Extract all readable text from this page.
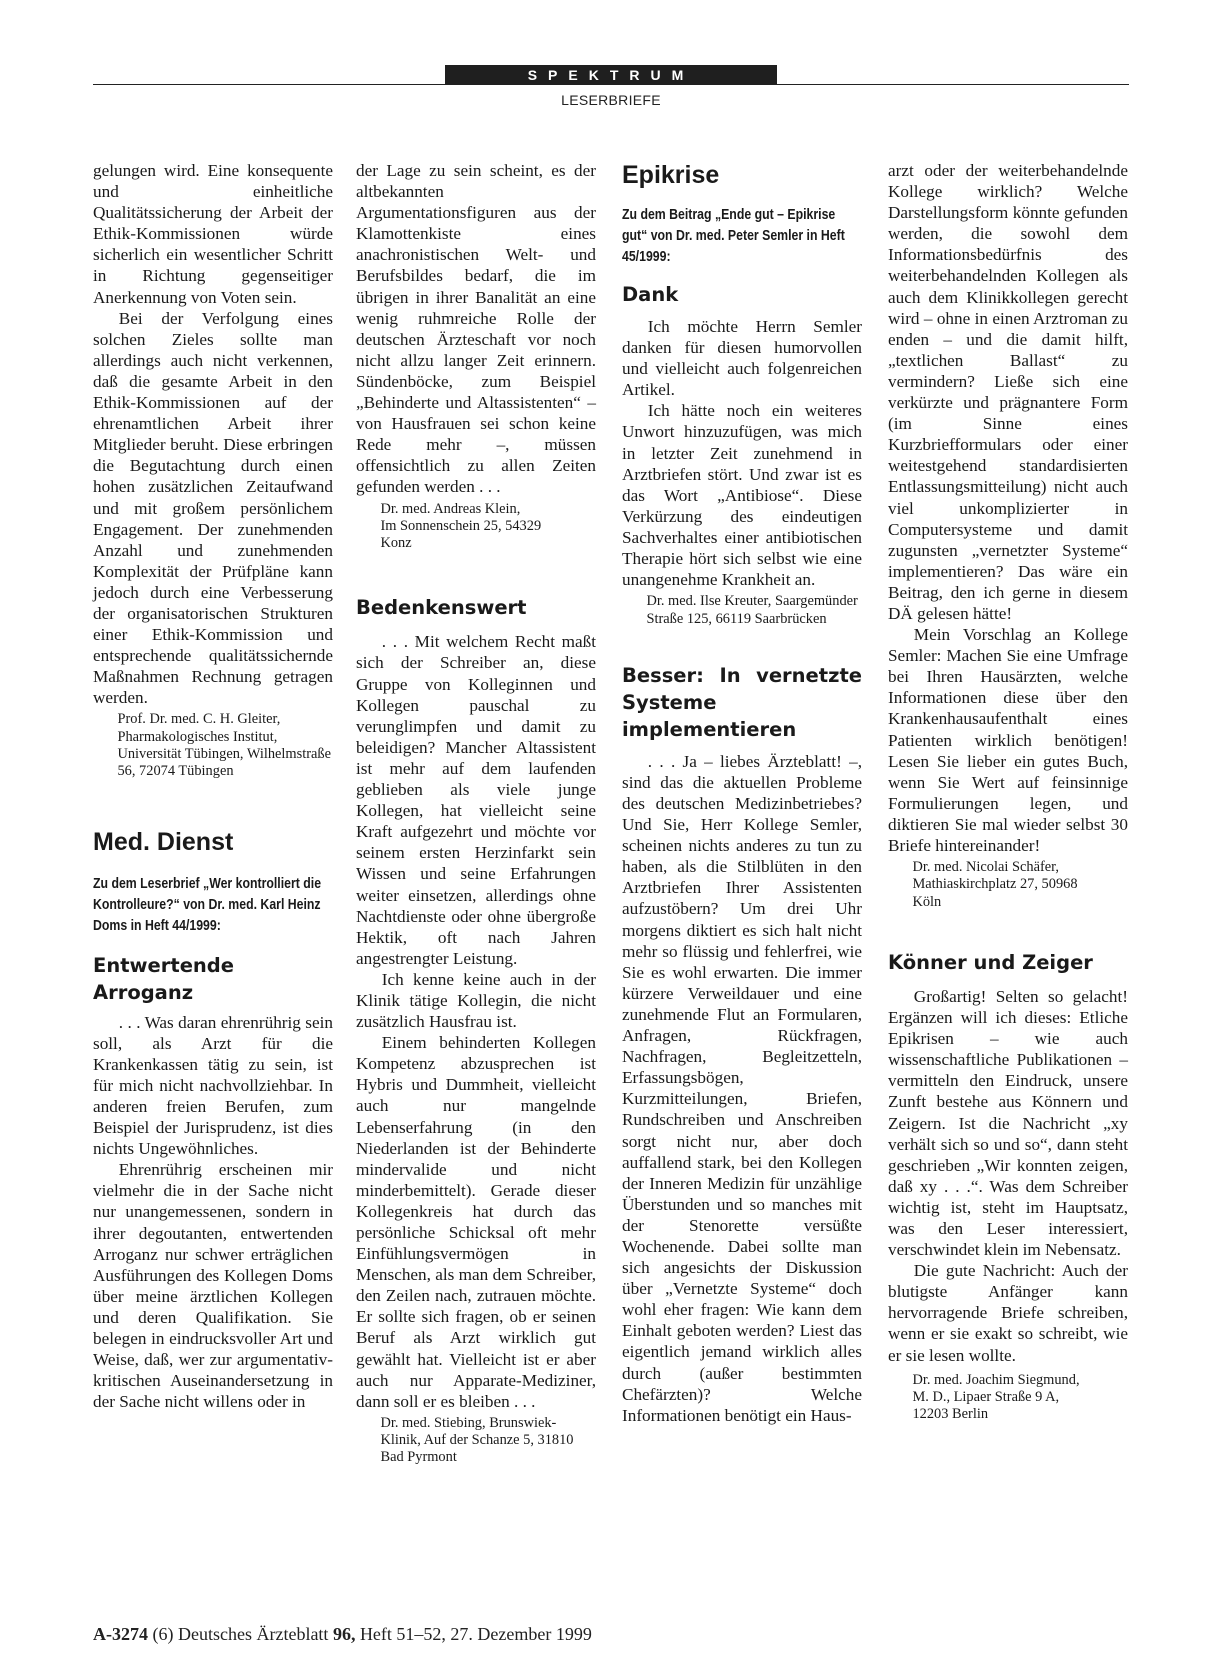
SPEKTRUM
LESERBRIEFE

gelungen wird. Eine konsequente und einheitliche Qualitätssicherung der Arbeit der Ethik-Kommissionen würde sicherlich ein wesentlicher Schritt in Richtung gegenseitiger Anerkennung von Voten sein.

Bei der Verfolgung eines solchen Zieles sollte man allerdings auch nicht verkennen, daß die gesamte Arbeit in den Ethik-Kommissionen auf der ehrenamtlichen Arbeit ihrer Mitglieder beruht. Diese erbringen die Begutachtung durch einen hohen zusätzlichen Zeitaufwand und mit großem persönlichem Engagement. Der zunehmenden Anzahl und zunehmenden Komplexität der Prüfpläne kann jedoch durch eine Verbesserung der organisatorischen Strukturen einer Ethik-Kommission und entsprechende qualitätssichernde Maßnahmen Rechnung getragen werden.

Prof. Dr. med. C. H. Gleiter,
Pharmakologisches Institut,
Universität Tübingen, Wilhelmstraße 56, 72074 Tübingen
Med. Dienst

Zu dem Leserbrief „Wer kontrolliert die Kontrolleure?“ von Dr. med. Karl Heinz Doms in Heft 44/1999:

Entwertende Arroganz

. . . Was daran ehrenrührig sein soll, als Arzt für die Krankenkassen tätig zu sein, ist für mich nicht nachvollziehbar. In anderen freien Berufen, zum Beispiel der Jurisprudenz, ist dies nichts Ungewöhnliches.

Ehrenrührig erscheinen mir vielmehr die in der Sache nicht nur unangemessenen, sondern in ihrer degoutanten, entwertenden Arroganz nur schwer erträglichen Ausführungen des Kollegen Doms über meine ärztlichen Kollegen und deren Qualifikation. Sie belegen in eindrucksvoller Art und Weise, daß, wer zur argumentativ-kritischen Auseinandersetzung in der Sache nicht willens oder in

der Lage zu sein scheint, es der altbekannten Argumentationsfiguren aus der Klamottenkiste eines anachronistischen Welt- und Berufsbildes bedarf, die im übrigen in ihrer Banalität an eine wenig ruhmreiche Rolle der deutschen Ärzteschaft vor noch nicht allzu langer Zeit erinnern. Sündenböcke, zum Beispiel „Behinderte und Altassistenten“ – von Hausfrauen sei schon keine Rede mehr –, müssen offensichtlich zu allen Zeiten gefunden werden . . .

Dr. med. Andreas Klein,
Im Sonnenschein 25, 54329
Konz
Bedenkenswert

. . . Mit welchem Recht maßt sich der Schreiber an, diese Gruppe von Kolleginnen und Kollegen pauschal zu verunglimpfen und damit zu beleidigen? Mancher Altassistent ist mehr auf dem laufenden geblieben als viele junge Kollegen, hat vielleicht seine Kraft aufgezehrt und möchte vor seinem ersten Herzinfarkt sein Wissen und seine Erfahrungen weiter einsetzen, allerdings ohne Nachtdienste oder ohne übergroße Hektik, oft nach Jahren angestrengter Leistung.

Ich kenne keine auch in der Klinik tätige Kollegin, die nicht zusätzlich Hausfrau ist.

Einem behinderten Kollegen Kompetenz abzusprechen ist Hybris und Dummheit, vielleicht auch nur mangelnde Lebenserfahrung (in den Niederlanden ist der Behinderte mindervalide und nicht minderbemittelt). Gerade dieser Kollegenkreis hat durch das persönliche Schicksal oft mehr Einfühlungsvermögen in Menschen, als man dem Schreiber, den Zeilen nach, zutrauen möchte. Er sollte sich fragen, ob er seinen Beruf als Arzt wirklich gut gewählt hat. Vielleicht ist er aber auch nur Apparate-Mediziner, dann soll er es bleiben . . .

Dr. med. Stiebing, Brunswiek-Klinik, Auf der Schanze 5, 31810 Bad Pyrmont
Epikrise

Zu dem Beitrag „Ende gut – Epikrise gut“ von Dr. med. Peter Semler in Heft 45/1999:

Dank

Ich möchte Herrn Semler danken für diesen humorvollen und vielleicht auch folgenreichen Artikel.

Ich hätte noch ein weiteres Unwort hinzuzufügen, was mich in letzter Zeit zunehmend in Arztbriefen stört. Und zwar ist es das Wort „Antibiose“. Diese Verkürzung des eindeutigen Sachverhaltes einer antibiotischen Therapie hört sich selbst wie eine unangenehme Krankheit an.

Dr. med. Ilse Kreuter, Saargemünder Straße 125, 66119 Saarbrücken
Besser: In vernetzte Systeme implementieren

. . . Ja – liebes Ärzteblatt! –, sind das die aktuellen Probleme des deutschen Medizinbetriebes? Und Sie, Herr Kollege Semler, scheinen nichts anderes zu tun zu haben, als die Stilblüten in den Arztbriefen Ihrer Assistenten aufzustöbern? Um drei Uhr morgens diktiert es sich halt nicht mehr so flüssig und fehlerfrei, wie Sie es wohl erwarten. Die immer kürzere Verweildauer und eine zunehmende Flut an Formularen, Anfragen, Rückfragen, Nachfragen, Begleitzetteln, Erfassungsbögen, Kurzmitteilungen, Briefen, Rundschreiben und Anschreiben sorgt nicht nur, aber doch auffallend stark, bei den Kollegen der Inneren Medizin für unzählige Überstunden und so manches mit der Stenorette versüßte Wochenende. Dabei sollte man sich angesichts der Diskussion über „Vernetzte Systeme“ doch wohl eher fragen: Wie kann dem Einhalt geboten werden? Liest das eigentlich jemand wirklich alles durch (außer bestimmten Chefärzten)? Welche Informationen benötigt ein Haus-

arzt oder der weiterbehandelnde Kollege wirklich? Welche Darstellungsform könnte gefunden werden, die sowohl dem Informationsbedürfnis des weiterbehandelnden Kollegen als auch dem Klinikkollegen gerecht wird – ohne in einen Arztroman zu enden – und die damit hilft, „textlichen Ballast“ zu vermindern? Ließe sich eine verkürzte und prägnantere Form (im Sinne eines Kurzbriefformulars oder einer weitestgehend standardisierten Entlassungsmitteilung) nicht auch viel unkomplizierter in Computersysteme und damit zugunsten „vernetzter Systeme“ implementieren? Das wäre ein Beitrag, den ich gerne in diesem DÄ gelesen hätte!

Mein Vorschlag an Kollege Semler: Machen Sie eine Umfrage bei Ihren Hausärzten, welche Informationen diese über den Krankenhausaufenthalt eines Patienten wirklich benötigen! Lesen Sie lieber ein gutes Buch, wenn Sie Wert auf feinsinnige Formulierungen legen, und diktieren Sie mal wieder selbst 30 Briefe hintereinander!

Dr. med. Nicolai Schäfer,
Mathiaskirchplatz 27, 50968
Köln
Könner und Zeiger

Großartig! Selten so gelacht! Ergänzen will ich dieses: Etliche Epikrisen – wie auch wissenschaftliche Publikationen – vermitteln den Eindruck, unsere Zunft bestehe aus Könnern und Zeigern. Ist die Nachricht „xy verhält sich so und so“, dann steht geschrieben „Wir konnten zeigen, daß xy . . .“. Was dem Schreiber wichtig ist, steht im Hauptsatz, was den Leser interessiert, verschwindet klein im Nebensatz.

Die gute Nachricht: Auch der blutigste Anfänger kann hervorragende Briefe schreiben, wenn er sie exakt so schreibt, wie er sie lesen wollte.

Dr. med. Joachim Siegmund,
M. D., Lipaer Straße 9 A,
12203 Berlin
A-3274 (6) Deutsches Ärzteblatt 96, Heft 51–52, 27. Dezember 1999
